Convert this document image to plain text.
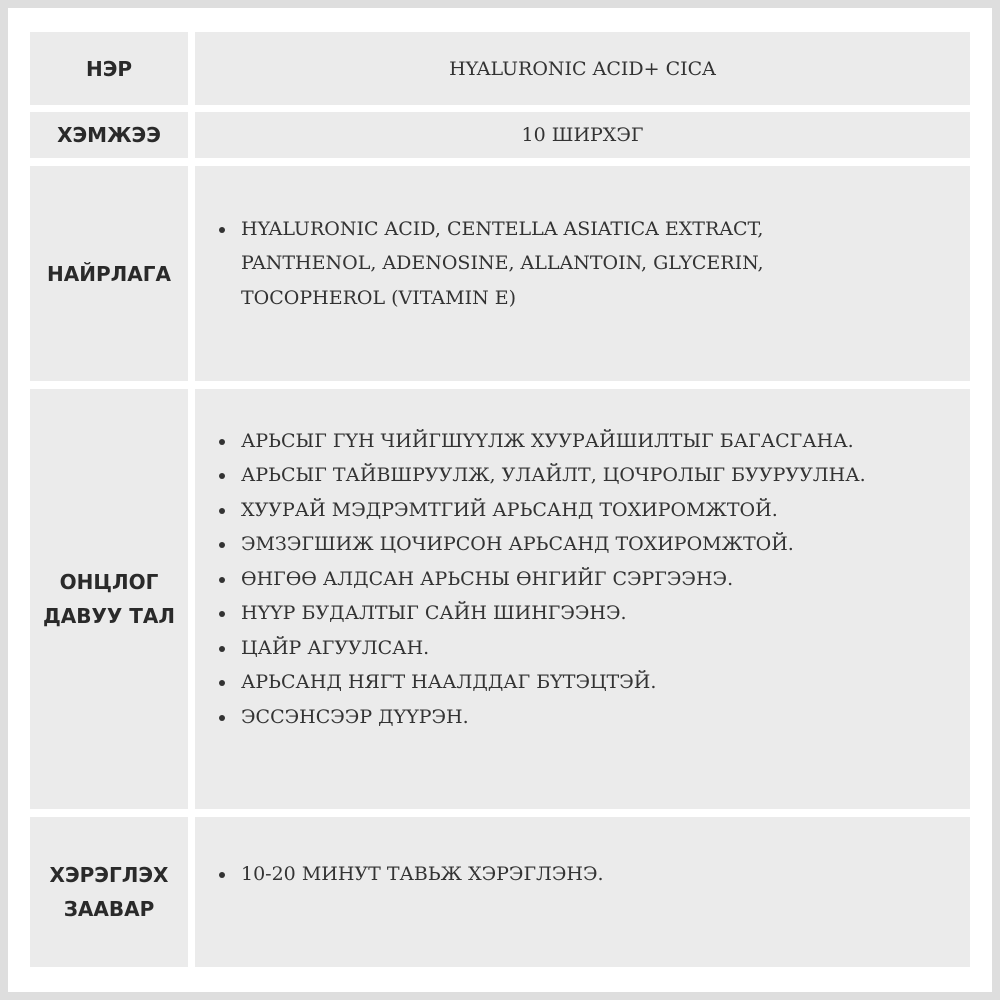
НЭР	HYALURONIC ACID+ CICA
ХЭМЖЭЭ	10 ШИРХЭГ
НАЙРЛАГА
HYALURONIC ACID, CENTELLA ASIATICA EXTRACT, PANTHENOL, ADENOSINE, ALLANTOIN, GLYCERIN, TOCOPHEROL (VITAMIN E)
ОНЦЛОГ
ДАВУУ ТАЛ
АРЬСЫГ ГҮН ЧИЙГШҮҮЛЖ ХУУРАЙШИЛТЫГ БАГАСГАНА.
АРЬСЫГ ТАЙВШРУУЛЖ, УЛАЙЛТ, ЦОЧРОЛЫГ БУУРУУЛНА.
ХУУРАЙ МЭДРЭМТГИЙ АРЬСАНД ТОХИРОМЖТОЙ.
ЭМЗЭГШИЖ ЦОЧИРСОН АРЬСАНД ТОХИРОМЖТОЙ.
ӨНГӨӨ АЛДСАН АРЬСНЫ ӨНГИЙГ СЭРГЭЭНЭ.
НҮҮР БУДАЛТЫГ САЙН ШИНГЭЭНЭ.
ЦАЙР АГУУЛСАН.
АРЬСАНД НЯГТ НААЛДДАГ БҮТЭЦТЭЙ.
ЭССЭНСЭЭР ДҮҮРЭН.
ХЭРЭГЛЭХ
ЗААВАР
10-20 МИНУТ ТАВЬЖ ХЭРЭГЛЭНЭ.
